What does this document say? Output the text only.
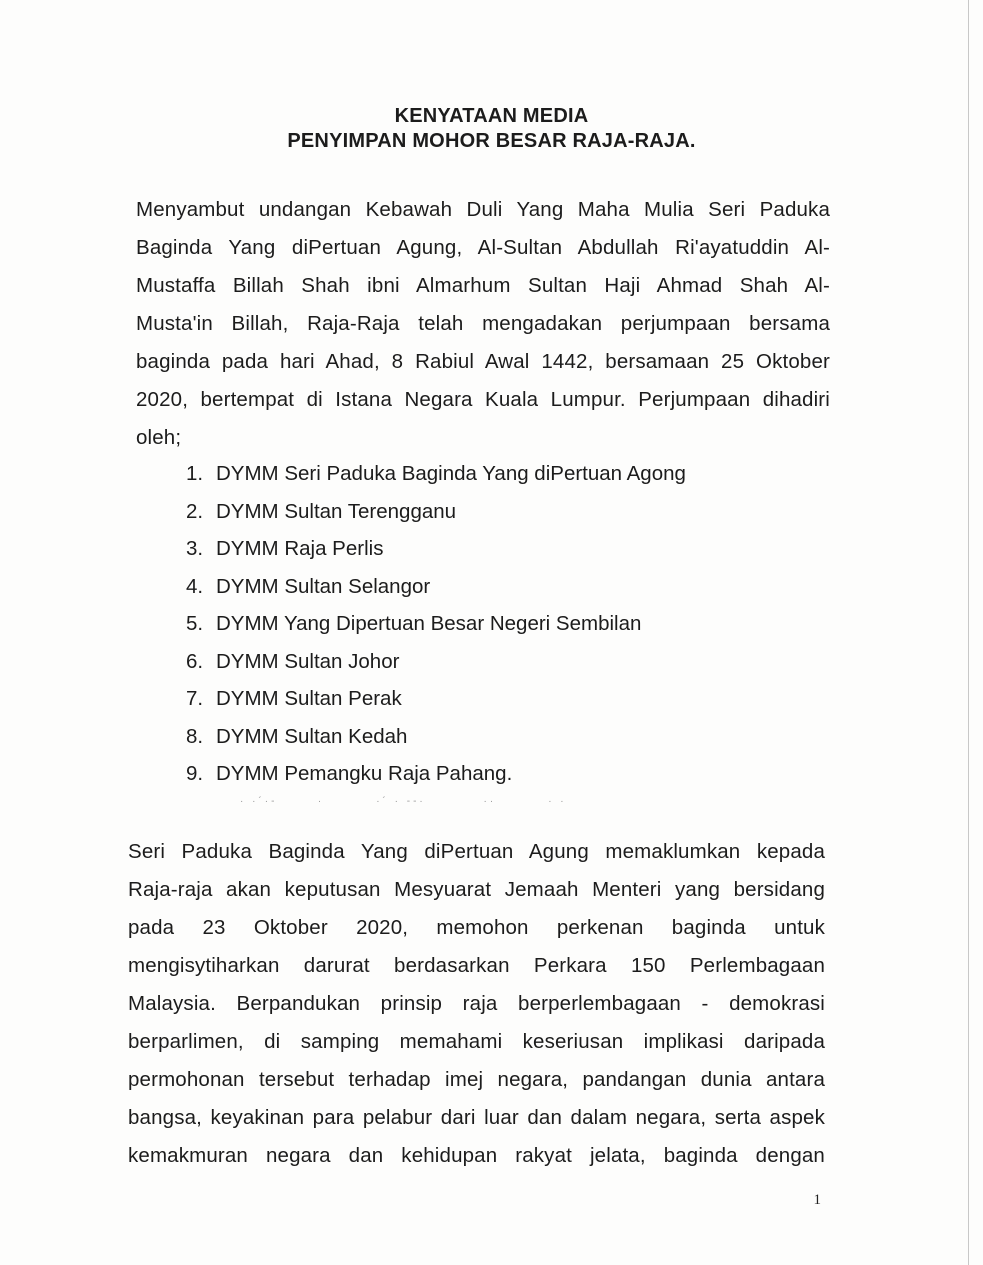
KENYATAAN MEDIA
PENYIMPAN MOHOR BESAR RAJA-RAJA.
Menyambut undangan Kebawah Duli Yang Maha Mulia Seri Paduka
Baginda Yang diPertuan Agung, Al-Sultan Abdullah Ri'ayatuddin Al-
Mustaffa Billah Shah ibni Almarhum Sultan Haji Ahmad Shah Al-
Musta'in Billah, Raja-Raja telah mengadakan perjumpaan bersama
baginda pada hari Ahad, 8 Rabiul Awal 1442, bersamaan 25 Oktober
2020, bertempat di Istana Negara Kuala Lumpur. Perjumpaan dihadiri
oleh;
1. DYMM Seri Paduka Baginda Yang diPertuan Agong
2. DYMM Sultan Terengganu
3. DYMM Raja Perlis
4. DYMM Sultan Selangor
5. DYMM Yang Dipertuan Besar Negeri Sembilan
6. DYMM Sultan Johor
7. DYMM Sultan Perak
8. DYMM Sultan Kedah
9. DYMM Pemangku Raja Pahang.
· ·´·‐       ·         ·´ · ‐‐·          ··         · ·
Seri Paduka Baginda Yang diPertuan Agung memaklumkan kepada
Raja-raja akan keputusan Mesyuarat Jemaah Menteri yang bersidang
pada 23 Oktober 2020, memohon perkenan baginda untuk
mengisytiharkan darurat berdasarkan Perkara 150 Perlembagaan
Malaysia. Berpandukan prinsip raja berperlembagaan - demokrasi
berparlimen, di samping memahami keseriusan implikasi daripada
permohonan tersebut terhadap imej negara, pandangan dunia antara
bangsa, keyakinan para pelabur dari luar dan dalam negara, serta aspek
kemakmuran negara dan kehidupan rakyat jelata, baginda dengan
1
